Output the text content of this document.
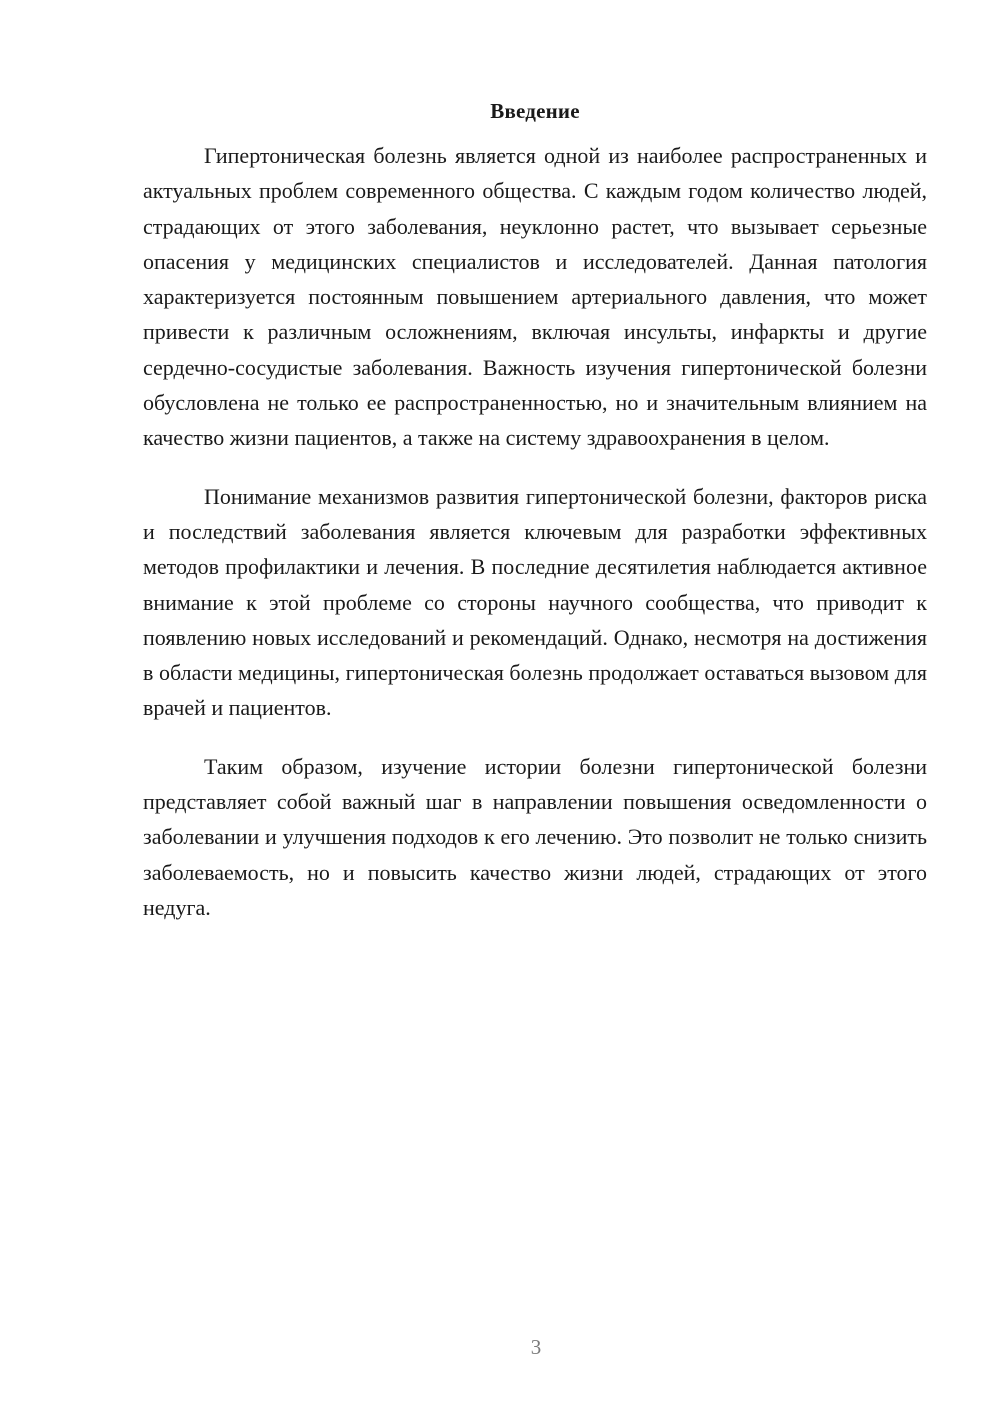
Введение

Гипертоническая болезнь является одной из наиболее распространенных и актуальных проблем современного общества. С каждым годом количество людей, страдающих от этого заболевания, неуклонно растет, что вызывает серьезные опасения у медицинских специалистов и исследователей. Данная патология характеризуется постоянным повышением артериального давления, что может привести к различным осложнениям, включая инсульты, инфаркты и другие сердечно-сосудистые заболевания. Важность изучения гипертонической болезни обусловлена не только ее распространенностью, но и значительным влиянием на качество жизни пациентов, а также на систему здравоохранения в целом.

Понимание механизмов развития гипертонической болезни, факторов риска и последствий заболевания является ключевым для разработки эффективных методов профилактики и лечения. В последние десятилетия наблюдается активное внимание к этой проблеме со стороны научного сообщества, что приводит к появлению новых исследований и рекомендаций. Однако, несмотря на достижения в области медицины, гипертоническая болезнь продолжает оставаться вызовом для врачей и пациентов.

Таким образом, изучение истории болезни гипертонической болезни представляет собой важный шаг в направлении повышения осведомленности о заболевании и улучшения подходов к его лечению. Это позволит не только снизить заболеваемость, но и повысить качество жизни людей, страдающих от этого недуга.

3
